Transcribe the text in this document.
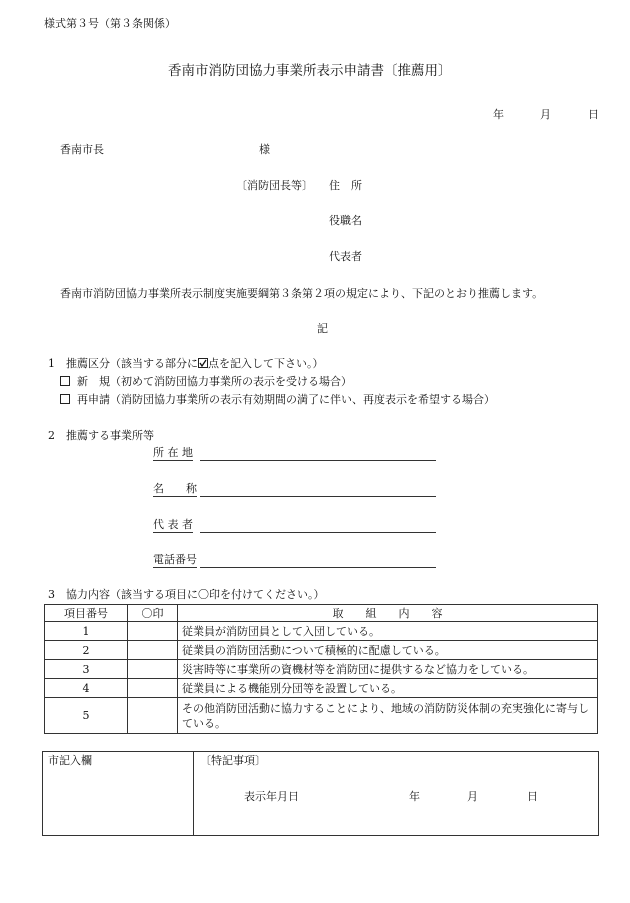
様式第３号（第３条関係）
香南市消防団協力事業所表示申請書〔推薦用〕
年	月	日
香南市長	様
〔消防団長等〕 住　所
役職名
代表者
香南市消防団協力事業所表示制度実施要綱第３条第２項の規定により、下記のとおり推薦します。
記
1　推薦区分（該当する部分に 点を記入して下さい。）
新　規（初めて消防団協力事業所の表示を受ける場合）
再申請（消防団協力事業所の表示有効期間の満了に伴い、再度表示を希望する場合）
2　推薦する事業所等
所 在 地
名　　称
代 表 者
電話番号
3　協力内容（該当する項目に〇印を付けてください。）
項目番号	〇印	取　　組　　内　　容
1		従業員が消防団員として入団している。
2		従業員の消防団活動について積極的に配慮している。
3		災害時等に事業所の資機材等を消防団に提供するなど協力をしている。
4		従業員による機能別分団等を設置している。
5		その他消防団活動に協力することにより、地域の消防防災体制の充実強化に寄与している。
市記入欄	〔特記事項〕
表示年月日	年	月	日
